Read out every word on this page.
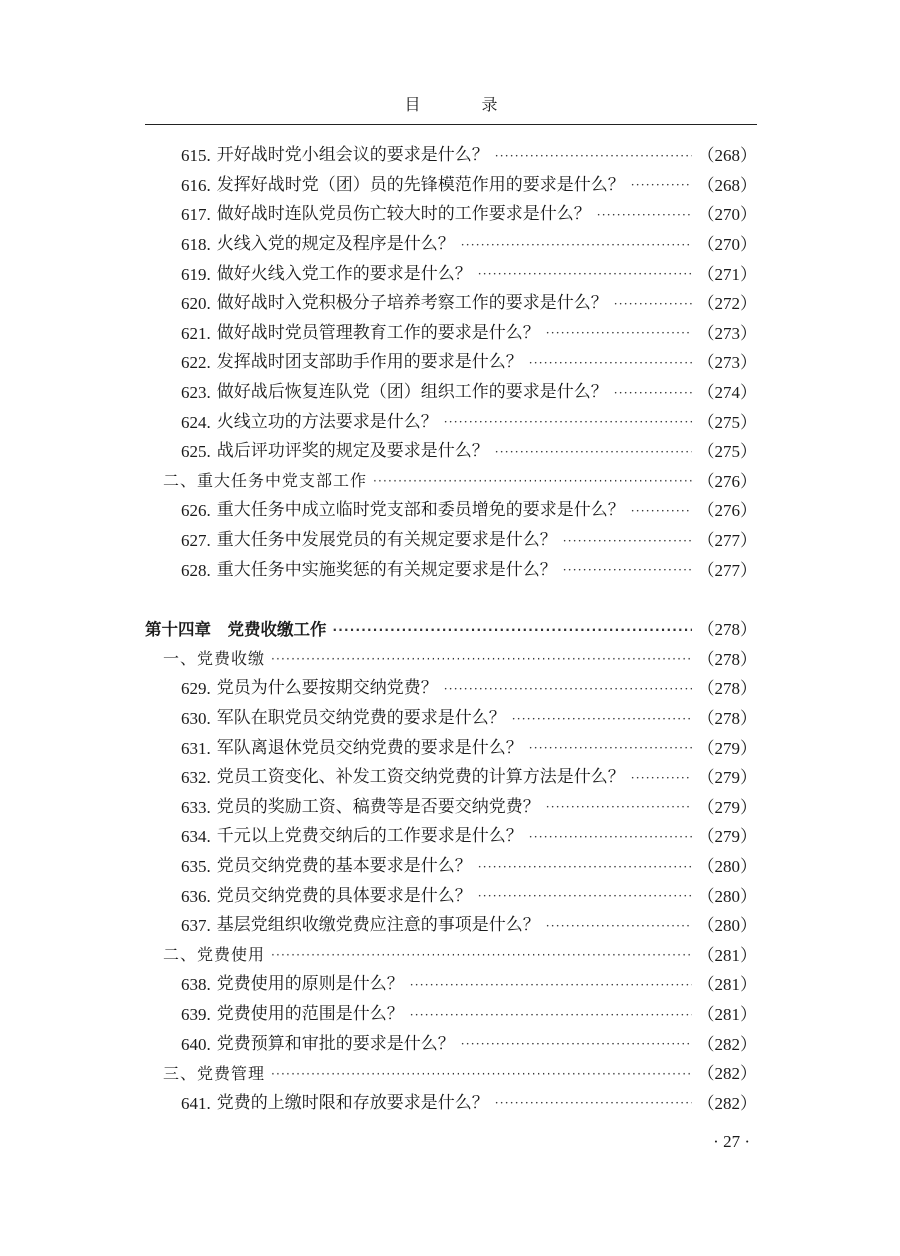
目 录
615. 开好战时党小组会议的要求是什么？ ·····	（268）
616. 发挥好战时党（团）员的先锋模范作用的要求是什么？ ·····	（268）
617. 做好战时连队党员伤亡较大时的工作要求是什么？ ·····	（270）
618. 火线入党的规定及程序是什么？ ·····	（270）
619. 做好火线入党工作的要求是什么？ ·····	（271）
620. 做好战时入党积极分子培养考察工作的要求是什么？ ·····	（272）
621. 做好战时党员管理教育工作的要求是什么？ ·····	（273）
622. 发挥战时团支部助手作用的要求是什么？ ·····	（273）
623. 做好战后恢复连队党（团）组织工作的要求是什么？ ·····	（274）
624. 火线立功的方法要求是什么？ ·····	（275）
625. 战后评功评奖的规定及要求是什么？ ·····	（275）
二、重大任务中党支部工作 ·····	（276）
626. 重大任务中成立临时党支部和委员增免的要求是什么？ ·····	（276）
627. 重大任务中发展党员的有关规定要求是什么？ ·····	（277）
628. 重大任务中实施奖惩的有关规定要求是什么？ ·····	（277）
第十四章　党费收缴工作 ·····	（278）
一、党费收缴 ·····	（278）
629. 党员为什么要按期交纳党费？ ·····	（278）
630. 军队在职党员交纳党费的要求是什么？ ·····	（278）
631. 军队离退休党员交纳党费的要求是什么？ ·····	（279）
632. 党员工资变化、补发工资交纳党费的计算方法是什么？ ·····	（279）
633. 党员的奖励工资、稿费等是否要交纳党费？ ·····	（279）
634. 千元以上党费交纳后的工作要求是什么？ ·····	（279）
635. 党员交纳党费的基本要求是什么？ ·····	（280）
636. 党员交纳党费的具体要求是什么？ ·····	（280）
637. 基层党组织收缴党费应注意的事项是什么？ ·····	（280）
二、党费使用 ·····	（281）
638. 党费使用的原则是什么？ ·····	（281）
639. 党费使用的范围是什么？ ·····	（281）
640. 党费预算和审批的要求是什么？ ·····	（282）
三、党费管理 ·····	（282）
641. 党费的上缴时限和存放要求是什么？ ·····	（282）
· 27 ·
